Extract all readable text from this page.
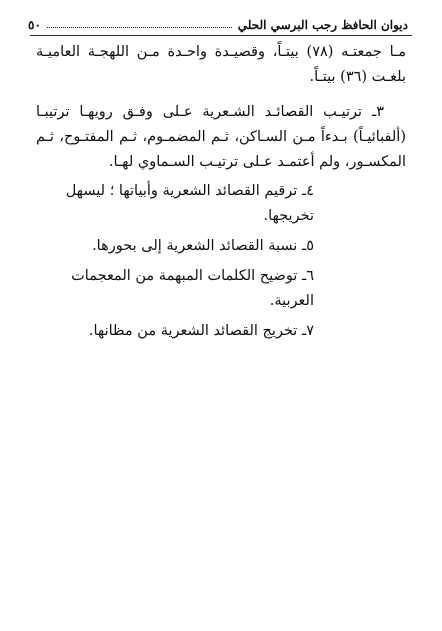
ديوان الحافظ رجب البرسي الحلي
٥٠

مـا جمعتـه (٧٨) بيتـاً، وقصيـدة واحـدة مـن اللهجـة العاميـة بلغـت (٣٦) بيتـاً.

٣ـ ترتيـب القصائـد الشـعرية عـلى وفـق رويهـا ترتيبـا (ألفبائيـاً) بـدءاً مـن السـاكن، ثـم المضمـوم، ثـم المفتـوح، ثـم المكسـور، ولم أعتمـد عـلى ترتيـب السـماوي لهـا.

٤ـ ترقيم القصائد الشعرية وأبياتها ؛ ليسهل تخريجها.

٥ـ نسبة القصائد الشعرية إلى بحورها.

٦ـ توضيح الكلمات المبهمة من المعجمات العربية.

٧ـ تخريج القصائد الشعرية من مظانها.
